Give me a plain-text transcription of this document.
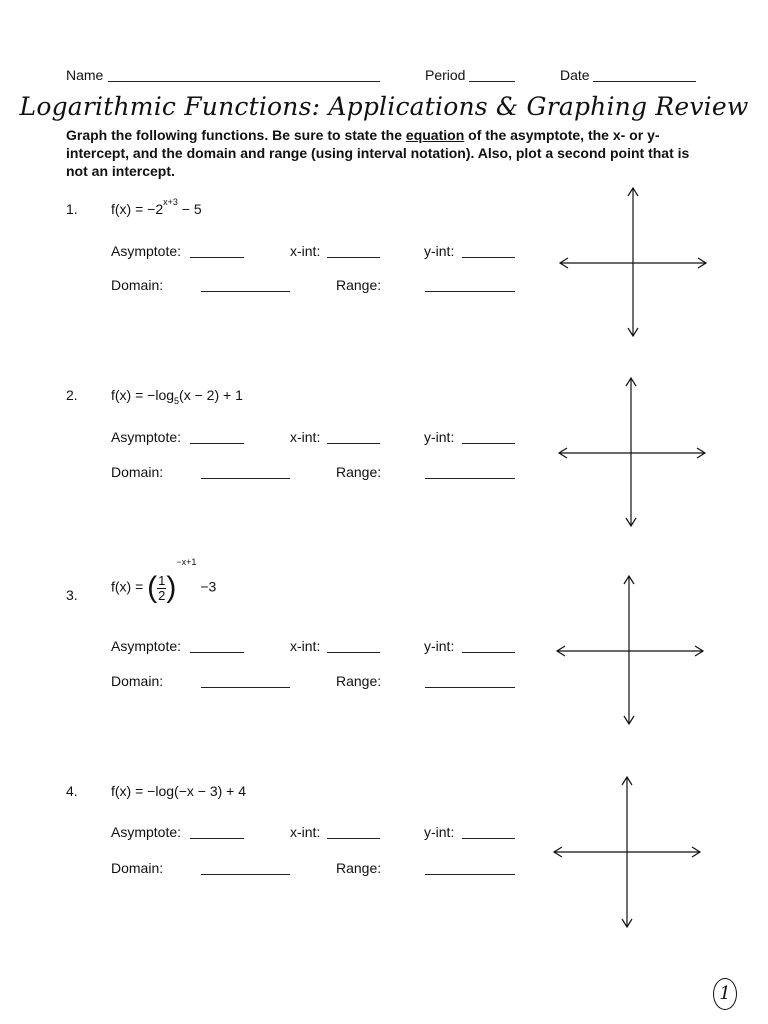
Name	Period	Date
Logarithmic Functions: Applications & Graphing Review
Graph the following functions. Be sure to state the equation of the asymptote, the x- or y-intercept, and the domain and range (using interval notation). Also, plot a second point that is not an intercept.
1. $f(x) = -2^{x+3} - 5$
Asymptote:	x-int:	y-int:
Domain:	Range:
2. $f(x) = -\log_5(x - 2) + 1$
Asymptote:	x-int:	y-int:
Domain:	Range:
3.
f(x) = ( $\frac{1}{2} )^{-x+1} -3$
Asymptote:	x-int:	y-int:
Domain:	Range:
4. f(x) = −log(−x − 3) + 4
Asymptote:	x-int:	y-int:
Domain:	Range:
1
